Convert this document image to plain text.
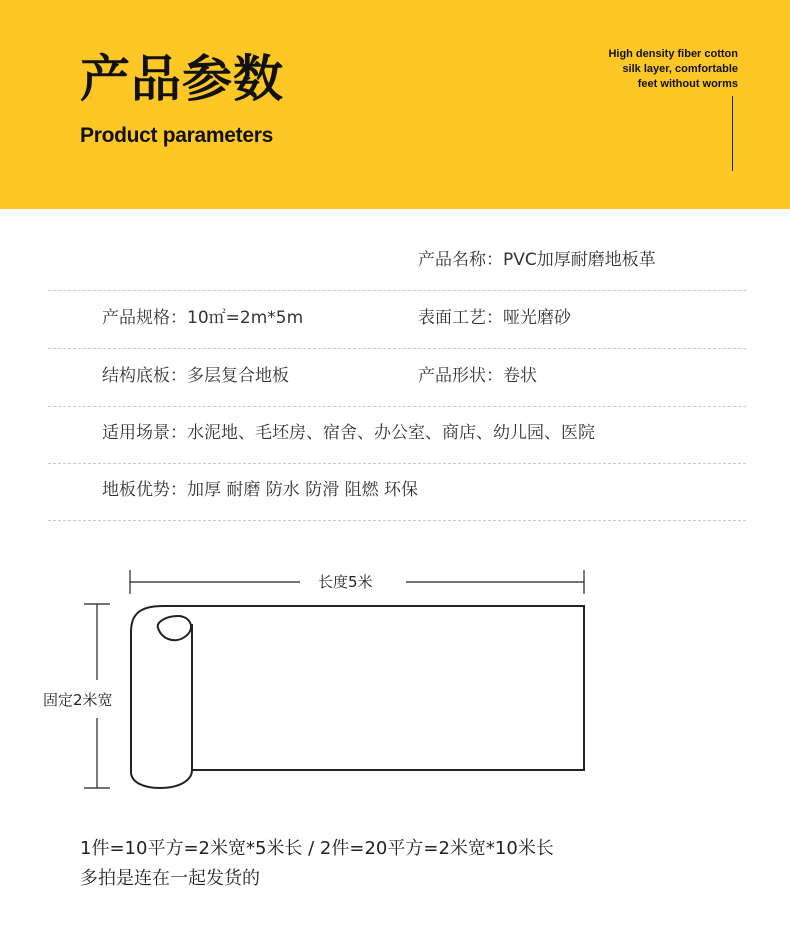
产品参数
Product parameters
High density fiber cotton
silk layer, comfortable
feet without worms
产品名称：PVC加厚耐磨地板革
产品规格：10㎡=2m*5m	表面工艺：哑光磨砂
结构底板：多层复合地板	产品形状：卷状
适用场景：水泥地、毛坯房、宿舍、办公室、商店、幼儿园、医院
地板优势：加厚 耐磨 防水 防滑 阻燃 环保
长度5米
固定2米宽
1件=10平方=2米宽*5米长 / 2件=20平方=2米宽*10米长
多拍是连在一起发货的
